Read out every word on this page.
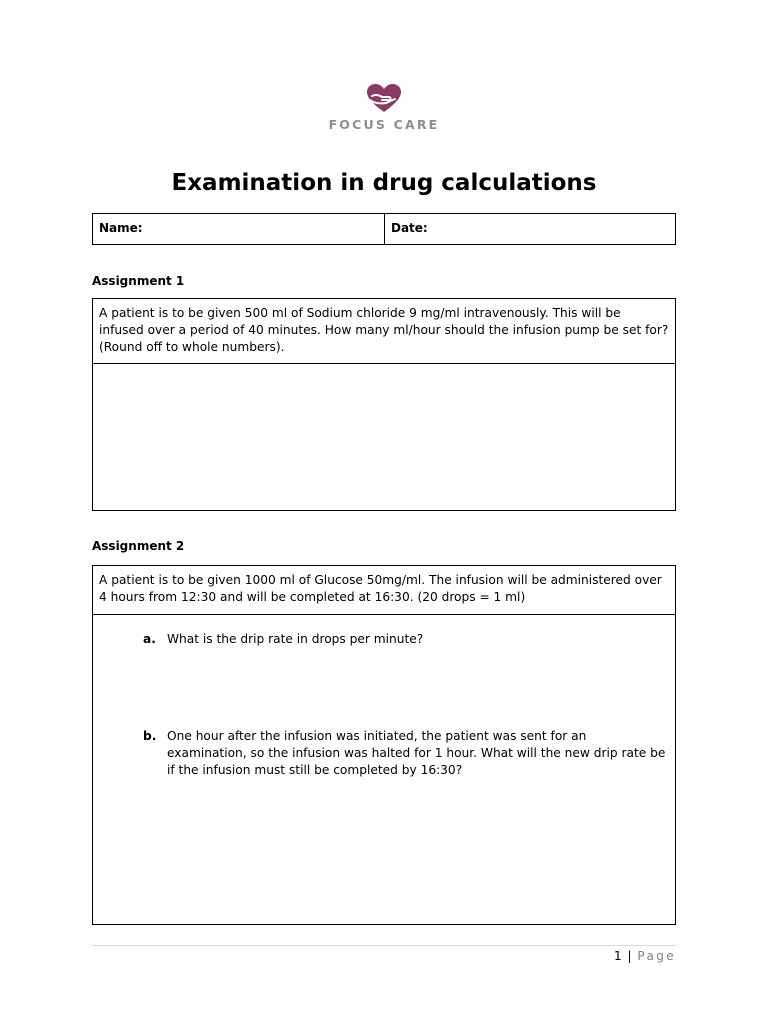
FOCUS CARE
Examination in drug calculations
Name:	Date:
Assignment 1
A patient is to be given 500 ml of Sodium chloride 9 mg/ml intravenously. This will be infused over a period of 40 minutes. How many ml/hour should the infusion pump be set for? (Round off to whole numbers).
Assignment 2
A patient is to be given 1000 ml of Glucose 50mg/ml. The infusion will be administered over 4 hours from 12:30 and will be completed at 16:30. (20 drops = 1 ml)
a. What is the drip rate in drops per minute?
b. One hour after the infusion was initiated, the patient was sent for an examination, so the infusion was halted for 1 hour. What will the new drip rate be if the infusion must still be completed by 16:30?
1 | Page
